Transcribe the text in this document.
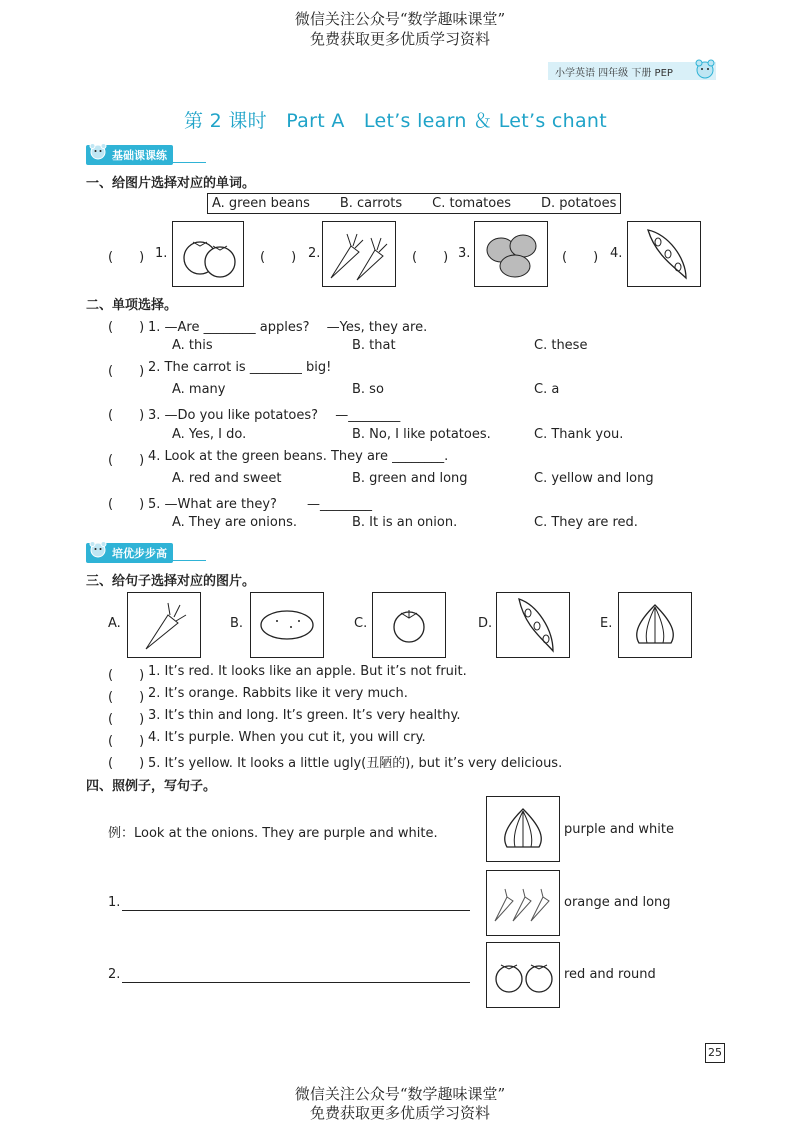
微信关注公众号“数学趣味课堂”
免费获取更多优质学习资料
小学英语 四年级 下册 PEP
第 2 课时　Part A　Let’s learn ＆ Let’s chant
基础课课练
一、给图片选择对应的单词。
A. green beans B. carrots C. tomatoes D. potatoes
(　　) 1.	(　　) 2.	(　　) 3.	(　　) 4.
二、单项选择。
(　　) 1. —Are ________ apples?　 —Yes, they are.
A. this	B. that	C. these
(　　) 2. The carrot is ________ big!
A. many	B. so	C. a
(　　) 3. —Do you like potatoes?　 —________
A. Yes, I do.	B. No, I like potatoes.	C. Thank you.
(　　) 4. Look at the green beans. They are ________.
A. red and sweet	B. green and long	C. yellow and long
(　　) 5. —What are they?　　 —________
A. They are onions.	B. It is an onion.	C. They are red.
培优步步高
三、给句子选择对应的图片。
A.	B.	C.	D.	E.
(　　) 1. It’s red. It looks like an apple. But it’s not fruit.
(　　) 2. It’s orange. Rabbits like it very much.
(　　) 3. It’s thin and long. It’s green. It’s very healthy.
(　　) 4. It’s purple. When you cut it, you will cry.
(　　) 5. It’s yellow. It looks a little ugly(丑陋的), but it’s very delicious.
四、照例子，写句子。
例：Look at the onions. They are purple and white.	purple and white
1.	orange and long
2.	red and round
25
微信关注公众号“数学趣味课堂”
免费获取更多优质学习资料
